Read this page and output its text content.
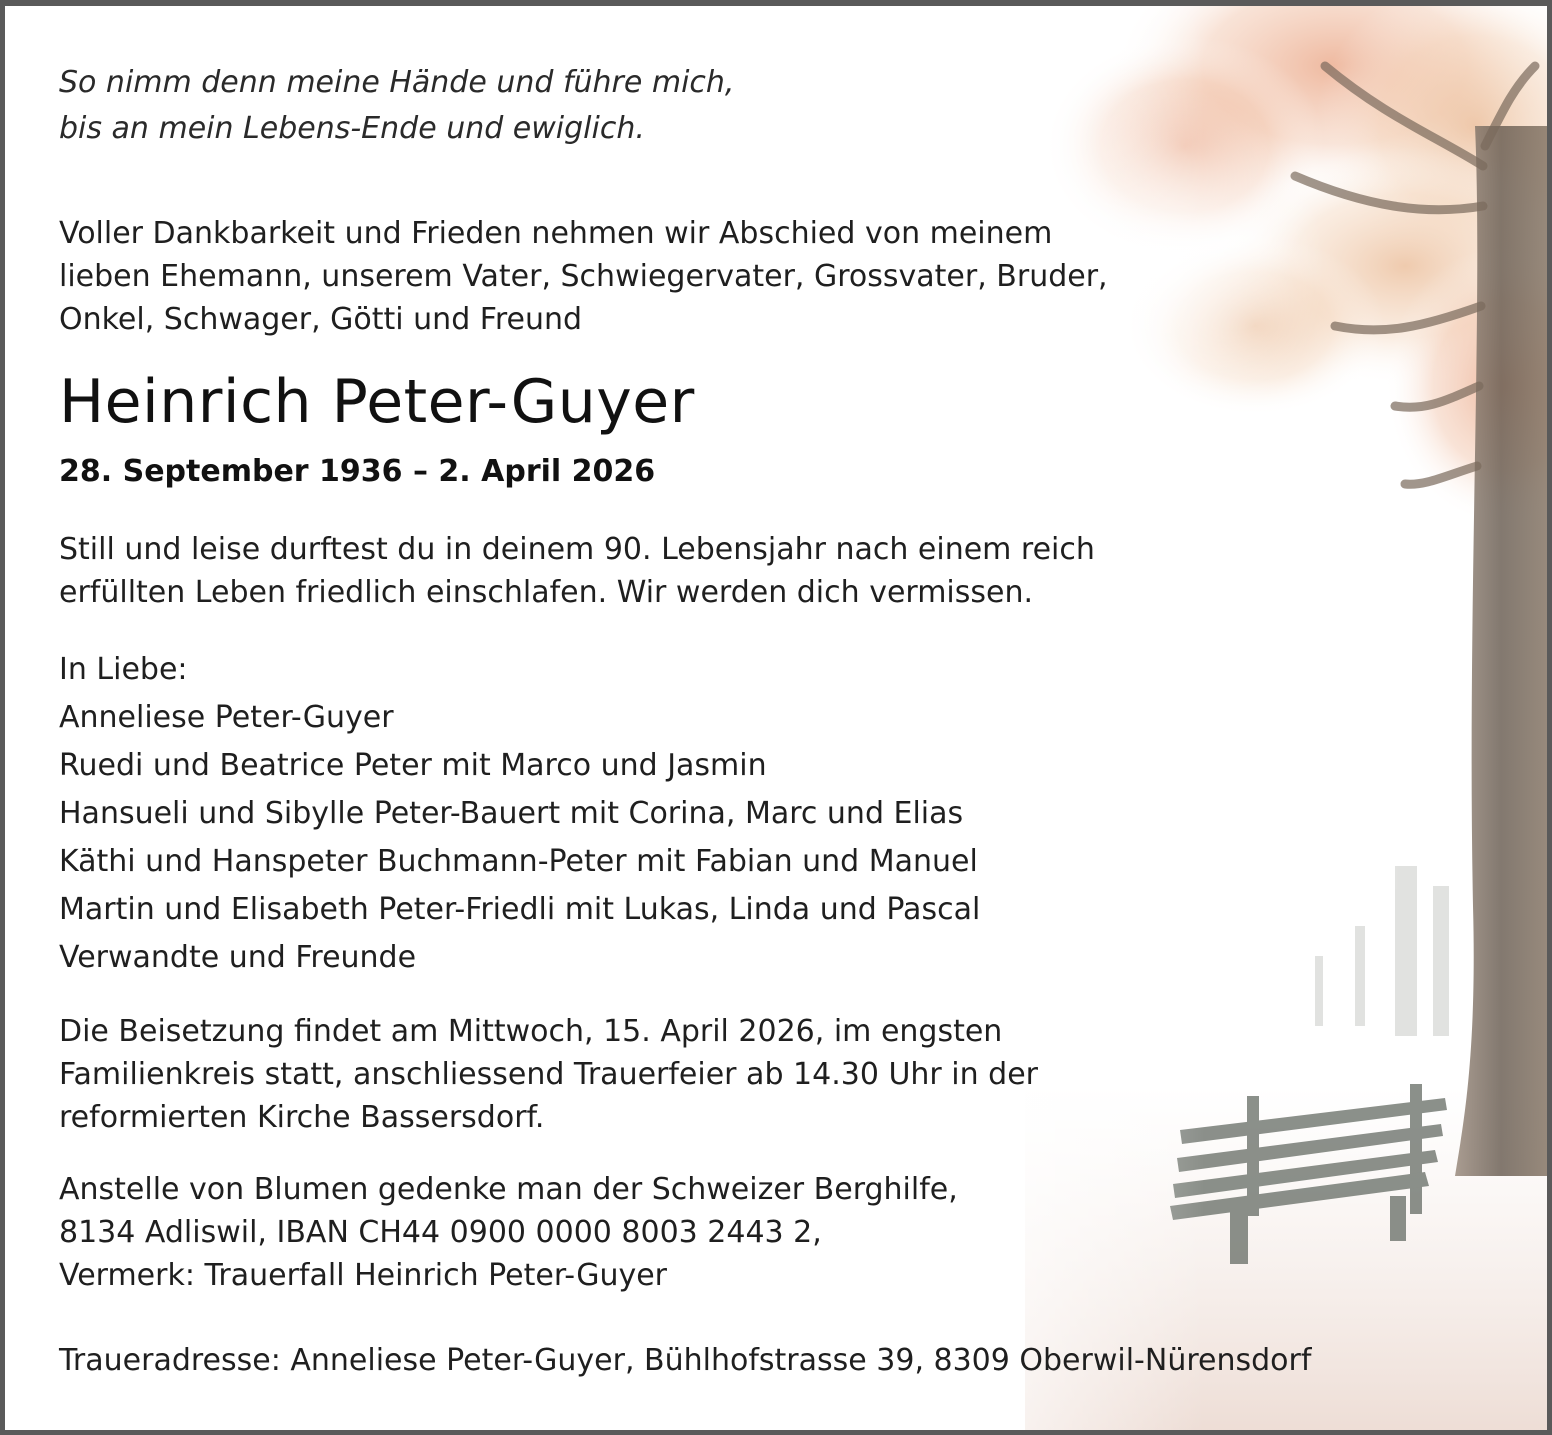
So nimm denn meine Hände und führe mich,
bis an mein Lebens-Ende und ewiglich.

Voller Dankbarkeit und Frieden nehmen wir Abschied von meinem
lieben Ehemann, unserem Vater, Schwiegervater, Grossvater, Bruder,
Onkel, Schwager, Götti und Freund

Heinrich Peter-Guyer

28. September 1936 – 2. April 2026

Still und leise durftest du in deinem 90. Lebensjahr nach einem reich
erfüllten Leben friedlich einschlafen. Wir werden dich vermissen.

In Liebe:
Anneliese Peter-Guyer
Ruedi und Beatrice Peter mit Marco und Jasmin
Hansueli und Sibylle Peter-Bauert mit Corina, Marc und Elias
Käthi und Hanspeter Buchmann-Peter mit Fabian und Manuel
Martin und Elisabeth Peter-Friedli mit Lukas, Linda und Pascal
Verwandte und Freunde

Die Beisetzung findet am Mittwoch, 15. April 2026, im engsten
Familienkreis statt, anschliessend Trauerfeier ab 14.30 Uhr in der
reformierten Kirche Bassersdorf.

Anstelle von Blumen gedenke man der Schweizer Berghilfe,
8134 Adliswil, IBAN CH44 0900 0000 8003 2443 2,
Vermerk: Trauerfall Heinrich Peter-Guyer

Traueradresse: Anneliese Peter-Guyer, Bühlhofstrasse 39, 8309 Oberwil-Nürensdorf
